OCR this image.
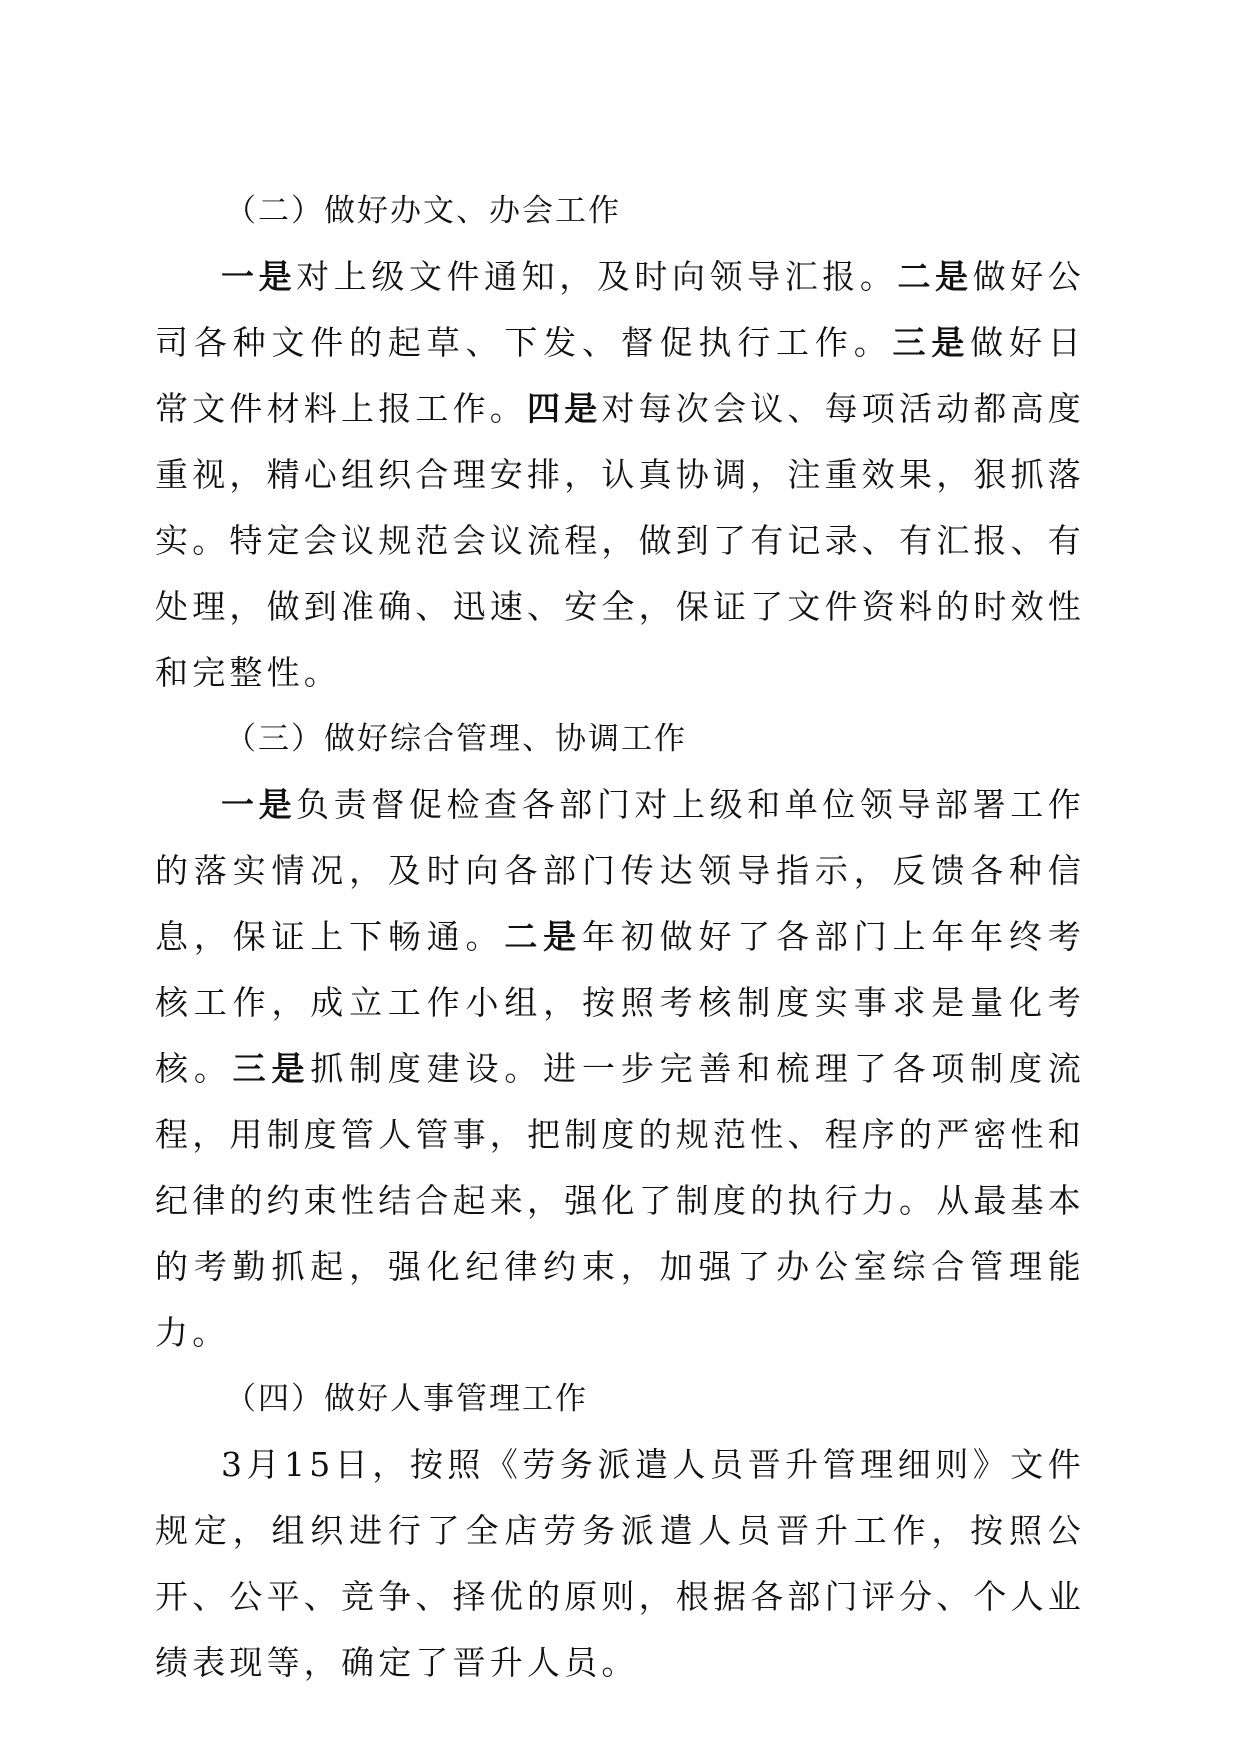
（二）做好办文、办会工作

一是对上级文件通知，及时向领导汇报。二是做好公司各种文件的起草、下发、督促执行工作。三是做好日常文件材料上报工作。四是对每次会议、每项活动都高度重视，精心组织合理安排，认真协调，注重效果，狠抓落实。特定会议规范会议流程，做到了有记录、有汇报、有处理，做到准确、迅速、安全，保证了文件资料的时效性和完整性。

（三）做好综合管理、协调工作

一是负责督促检查各部门对上级和单位领导部署工作的落实情况，及时向各部门传达领导指示，反馈各种信息，保证上下畅通。二是年初做好了各部门上年年终考核工作，成立工作小组，按照考核制度实事求是量化考核。三是抓制度建设。进一步完善和梳理了各项制度流程，用制度管人管事，把制度的规范性、程序的严密性和纪律的约束性结合起来，强化了制度的执行力。从最基本的考勤抓起，强化纪律约束，加强了办公室综合管理能力。

（四）做好人事管理工作

3月15日，按照《劳务派遣人员晋升管理细则》文件规定，组织进行了全店劳务派遣人员晋升工作，按照公开、公平、竞争、择优的原则，根据各部门评分、个人业绩表现等，确定了晋升人员。
